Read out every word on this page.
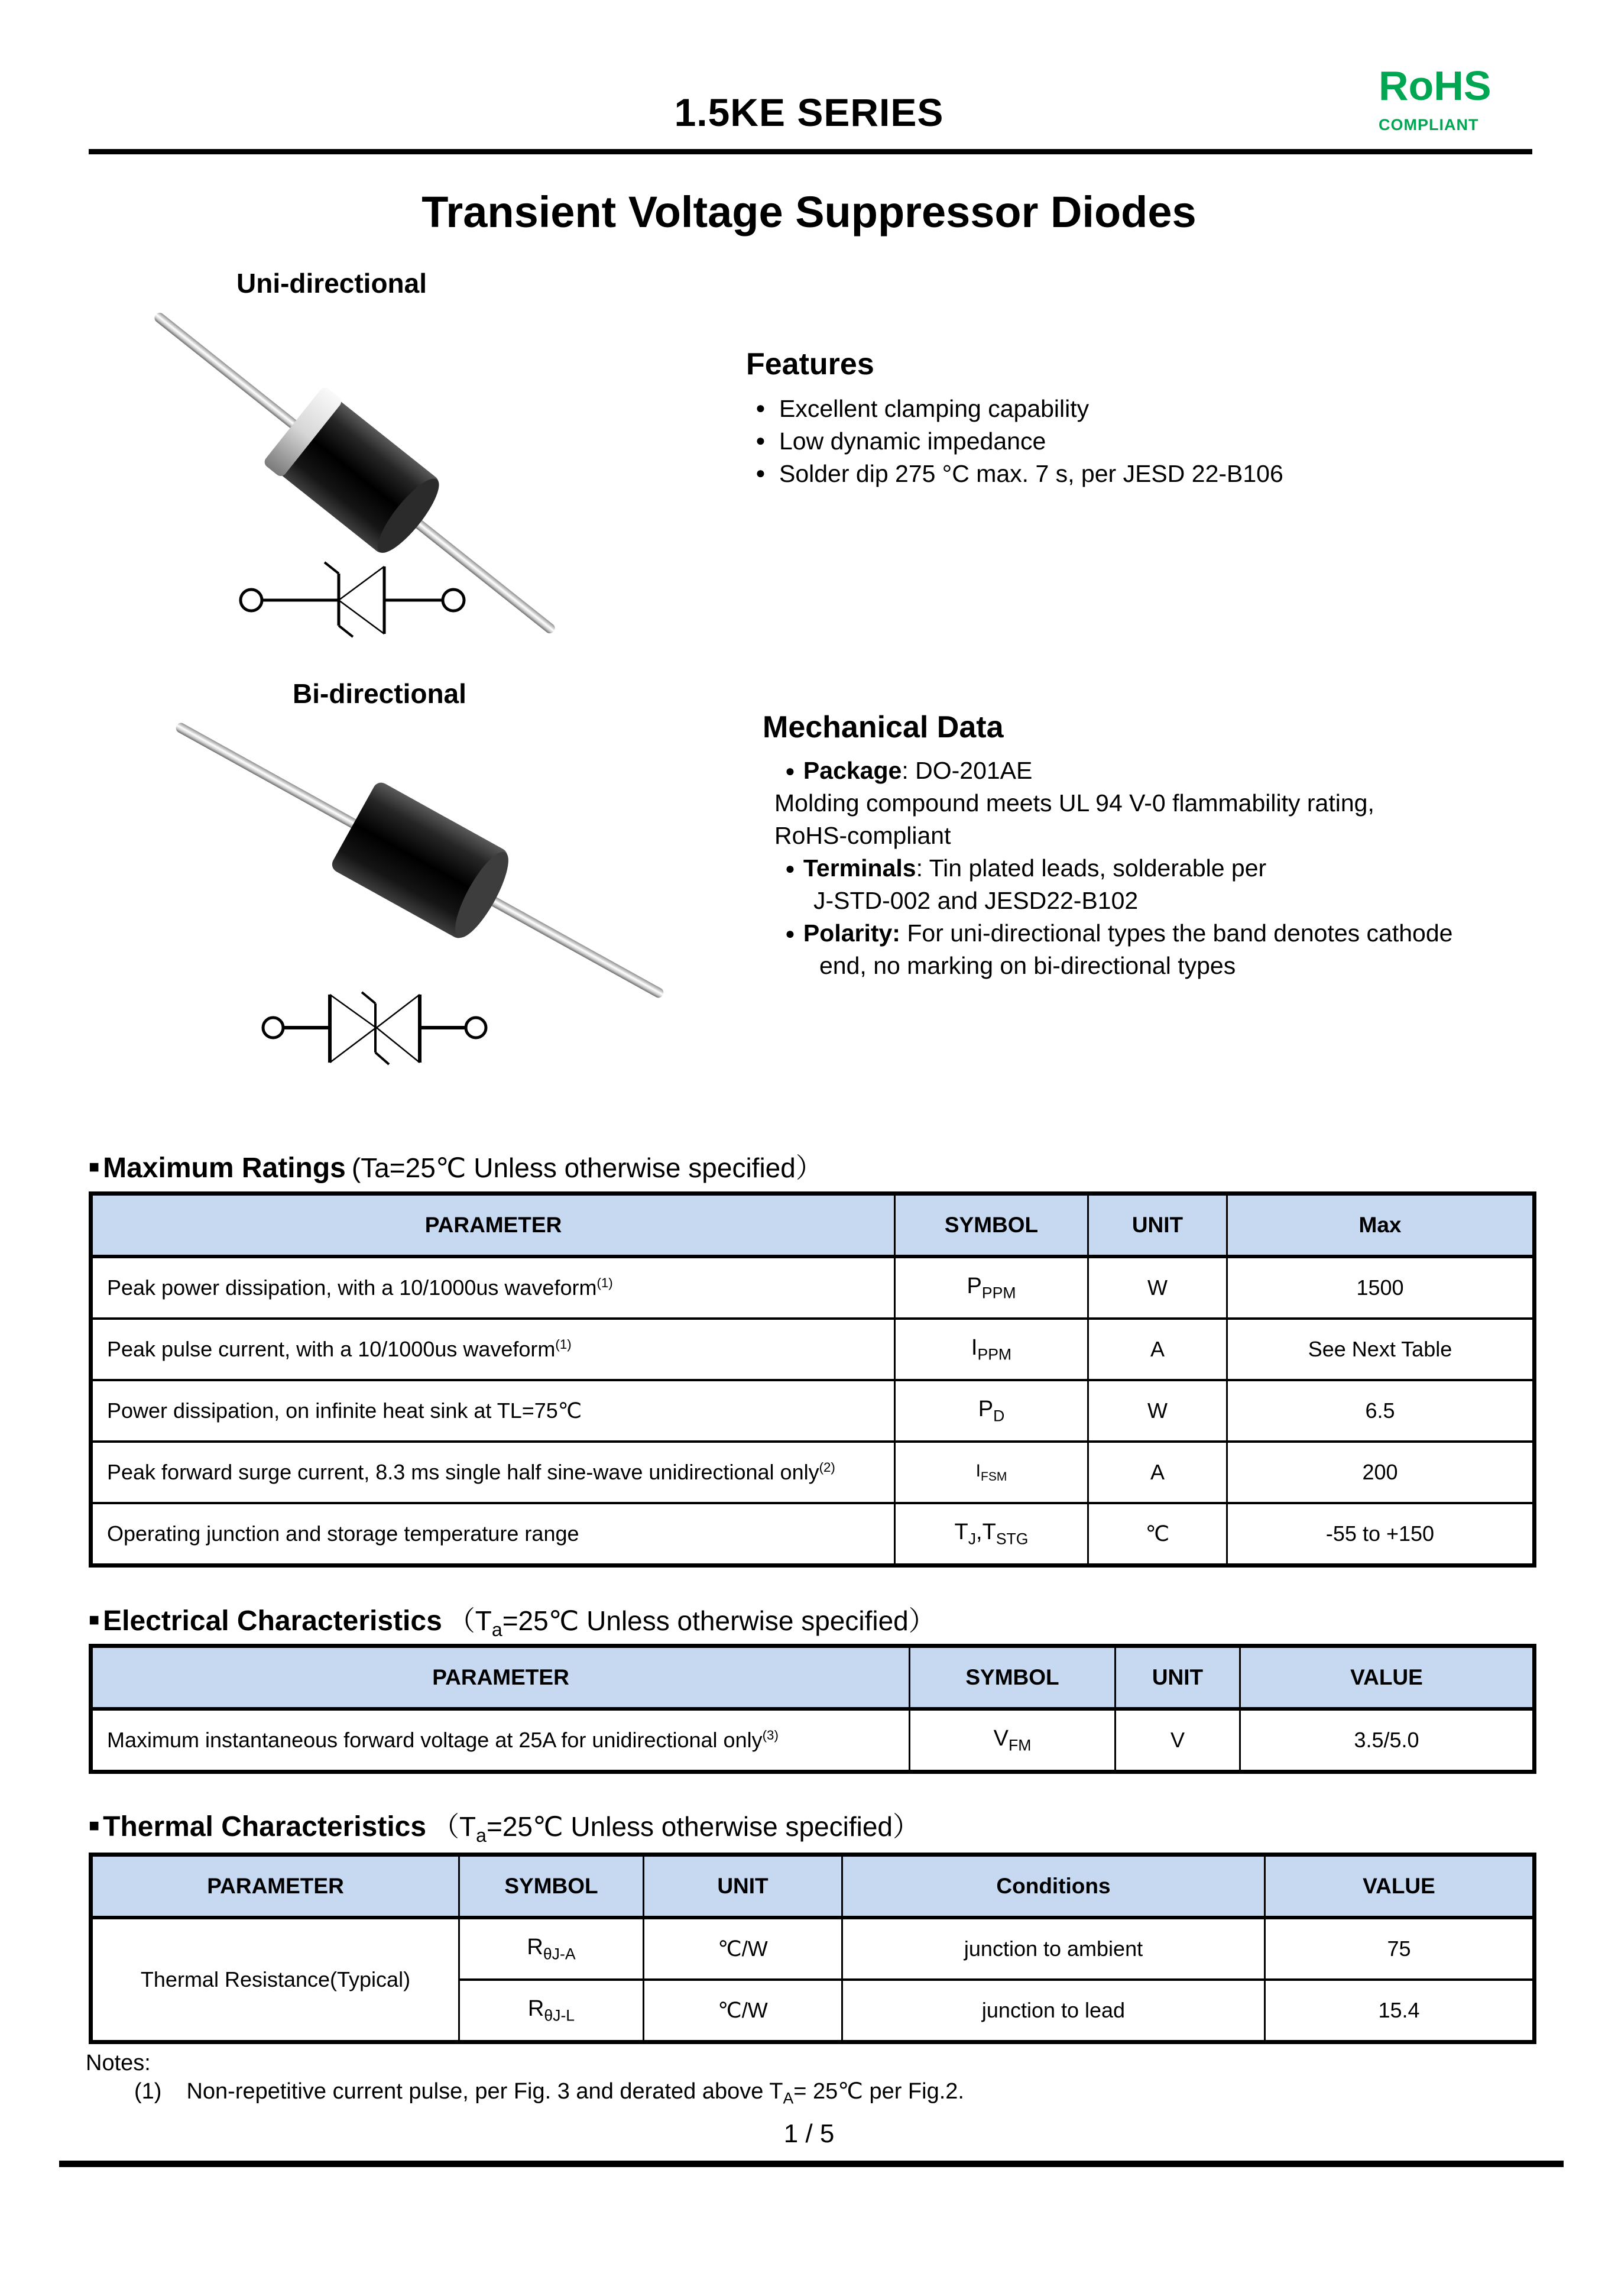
1.5KE SERIES
RoHS
COMPLIANT
Transient Voltage Suppressor Diodes
Uni-directional
Bi-directional
Features
● Excellent clamping capability
● Low dynamic impedance
● Solder dip 275 °C max. 7 s, per JESD 22-B106
Mechanical Data
● Package: DO-201AE
Molding compound meets UL 94 V-0 flammability rating,
RoHS-compliant
● Terminals: Tin plated leads, solderable per
J-STD-002 and JESD22-B102
● Polarity: For uni-directional types the band denotes cathode
end, no marking on bi-directional types
■ Maximum Ratings (Ta=25℃ Unless otherwise specified）
PARAMETER	SYMBOL	UNIT	Max
Peak power dissipation, with a 10/1000us waveform$^{(1)}$	$P_{PPM}$	W	1500
Peak pulse current, with a 10/1000us waveform$^{(1)}$	$I_{PPM}$	A	See Next Table
Power dissipation, on infinite heat sink at TL=75℃	$P_D$	W	6.5
Peak forward surge current, 8.3 ms single half sine-wave unidirectional only$^{(2)}$	$I_{FSM}$	A	200
Operating junction and storage temperature range	$T_J,T_{STG}$	℃	-55 to +150
■ Electrical Characteristics （$T_a=25℃$ Unless otherwise specified）
PARAMETER	SYMBOL	UNIT	VALUE
Maximum instantaneous forward voltage at 25A for unidirectional only$^{(3)}$	$V_{FM}$	V	3.5/5.0
■ Thermal Characteristics （$T_a=25℃$ Unless otherwise specified）
PARAMETER	SYMBOL	UNIT	Conditions	VALUE
Thermal Resistance(Typical)	$R_{\theta J-A}$	℃/W	junction to ambient	75
	$R_{\theta J-L}$	℃/W	junction to lead	15.4
Notes:
(1) Non-repetitive current pulse, per Fig. 3 and derated above $T_A=$ 25℃ per Fig.2.
1 / 5
